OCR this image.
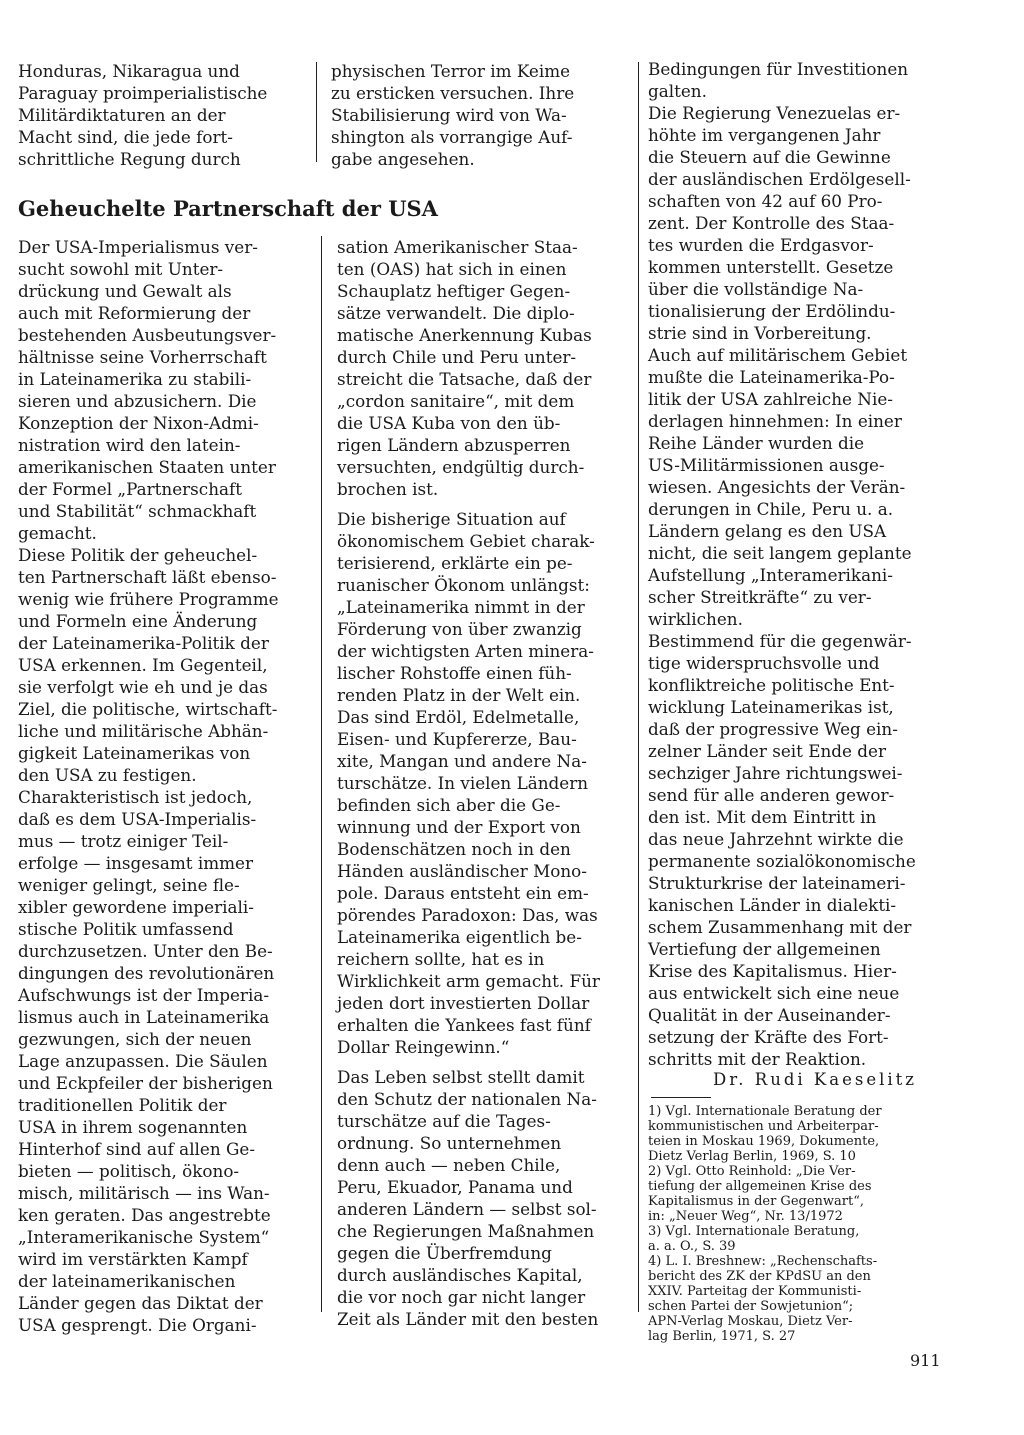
Honduras, Nikaragua und
Paraguay proimperialistische
Militärdiktaturen an der
Macht sind, die jede fort-
schrittliche Regung durch

physischen Terror im Keime
zu ersticken versuchen. Ihre
Stabilisierung wird von Wa-
shington als vorrangige Auf-
gabe angesehen.

Geheuchelte Partnerschaft der USA

Der USA-Imperialismus ver-
sucht sowohl mit Unter-
drückung und Gewalt als
auch mit Reformierung der
bestehenden Ausbeutungsver-
hältnisse seine Vorherrschaft
in Lateinamerika zu stabili-
sieren und abzusichern. Die
Konzeption der Nixon-Admi-
nistration wird den latein-
amerikanischen Staaten unter
der Formel „Partnerschaft
und Stabilität“ schmackhaft
gemacht.

Diese Politik der geheuchel-
ten Partnerschaft läßt ebenso-
wenig wie frühere Programme
und Formeln eine Änderung
der Lateinamerika-Politik der
USA erkennen. Im Gegenteil,
sie verfolgt wie eh und je das
Ziel, die politische, wirtschaft-
liche und militärische Abhän-
gigkeit Lateinamerikas von
den USA zu festigen.

Charakteristisch ist jedoch,
daß es dem USA-Imperialis-
mus — trotz einiger Teil-
erfolge — insgesamt immer
weniger gelingt, seine fle-
xibler gewordene imperiali-
stische Politik umfassend
durchzusetzen. Unter den Be-
dingungen des revolutionären
Aufschwungs ist der Imperia-
lismus auch in Lateinamerika
gezwungen, sich der neuen
Lage anzupassen. Die Säulen
und Eckpfeiler der bisherigen
traditionellen Politik der
USA in ihrem sogenannten
Hinterhof sind auf allen Ge-
bieten — politisch, ökono-
misch, militärisch — ins Wan-
ken geraten. Das angestrebte
„Interamerikanische System“
wird im verstärkten Kampf
der lateinamerikanischen
Länder gegen das Diktat der
USA gesprengt. Die Organi-

sation Amerikanischer Staa-
ten (OAS) hat sich in einen
Schauplatz heftiger Gegen-
sätze verwandelt. Die diplo-
matische Anerkennung Kubas
durch Chile und Peru unter-
streicht die Tatsache, daß der
„cordon sanitaire“, mit dem
die USA Kuba von den üb-
rigen Ländern abzusperren
versuchten, endgültig durch-
brochen ist.

Die bisherige Situation auf
ökonomischem Gebiet charak-
terisierend, erklärte ein pe-
ruanischer Ökonom unlängst:
„Lateinamerika nimmt in der
Förderung von über zwanzig
der wichtigsten Arten minera-
lischer Rohstoffe einen füh-
renden Platz in der Welt ein.
Das sind Erdöl, Edelmetalle,
Eisen- und Kupfererze, Bau-
xite, Mangan und andere Na-
turschätze. In vielen Ländern
befinden sich aber die Ge-
winnung und der Export von
Bodenschätzen noch in den
Händen ausländischer Mono-
pole. Daraus entsteht ein em-
pörendes Paradoxon: Das, was
Lateinamerika eigentlich be-
reichern sollte, hat es in
Wirklichkeit arm gemacht. Für
jeden dort investierten Dollar
erhalten die Yankees fast fünf
Dollar Reingewinn.“

Das Leben selbst stellt damit
den Schutz der nationalen Na-
turschätze auf die Tages-
ordnung. So unternehmen
denn auch — neben Chile,
Peru, Ekuador, Panama und
anderen Ländern — selbst sol-
che Regierungen Maßnahmen
gegen die Überfremdung
durch ausländisches Kapital,
die vor noch gar nicht langer
Zeit als Länder mit den besten

Bedingungen für Investitionen
galten.

Die Regierung Venezuelas er-
höhte im vergangenen Jahr
die Steuern auf die Gewinne
der ausländischen Erdölgesell-
schaften von 42 auf 60 Pro-
zent. Der Kontrolle des Staa-
tes wurden die Erdgasvor-
kommen unterstellt. Gesetze
über die vollständige Na-
tionalisierung der Erdölindu-
strie sind in Vorbereitung.

Auch auf militärischem Gebiet
mußte die Lateinamerika-Po-
litik der USA zahlreiche Nie-
derlagen hinnehmen: In einer
Reihe Länder wurden die
US-Militärmissionen ausge-
wiesen. Angesichts der Verän-
derungen in Chile, Peru u. a.
Ländern gelang es den USA
nicht, die seit langem geplante
Aufstellung „Interamerikani-
scher Streitkräfte“ zu ver-
wirklichen.

Bestimmend für die gegenwär-
tige widerspruchsvolle und
konfliktreiche politische Ent-
wicklung Lateinamerikas ist,
daß der progressive Weg ein-
zelner Länder seit Ende der
sechziger Jahre richtungswei-
send für alle anderen gewor-
den ist. Mit dem Eintritt in
das neue Jahrzehnt wirkte die
permanente sozialökonomische
Strukturkrise der lateinameri-
kanischen Länder in dialekti-
schem Zusammenhang mit der
Vertiefung der allgemeinen
Krise des Kapitalismus. Hier-
aus entwickelt sich eine neue
Qualität in der Auseinander-
setzung der Kräfte des Fort-
schritts mit der Reaktion.

Dr. Rudi Kaeselitz
1) Vgl. Internationale Beratung der
kommunistischen und Arbeiterpar-
teien in Moskau 1969, Dokumente,
Dietz Verlag Berlin, 1969, S. 10
2) Vgl. Otto Reinhold: „Die Ver-
tiefung der allgemeinen Krise des
Kapitalismus in der Gegenwart“,
in: „Neuer Weg“, Nr. 13/1972
3) Vgl. Internationale Beratung,
a. a. O., S. 39
4) L. I. Breshnew: „Rechenschafts-
bericht des ZK der KPdSU an den
XXIV. Parteitag der Kommunisti-
schen Partei der Sowjetunion“;
APN-Verlag Moskau, Dietz Ver-
lag Berlin, 1971, S. 27
911
